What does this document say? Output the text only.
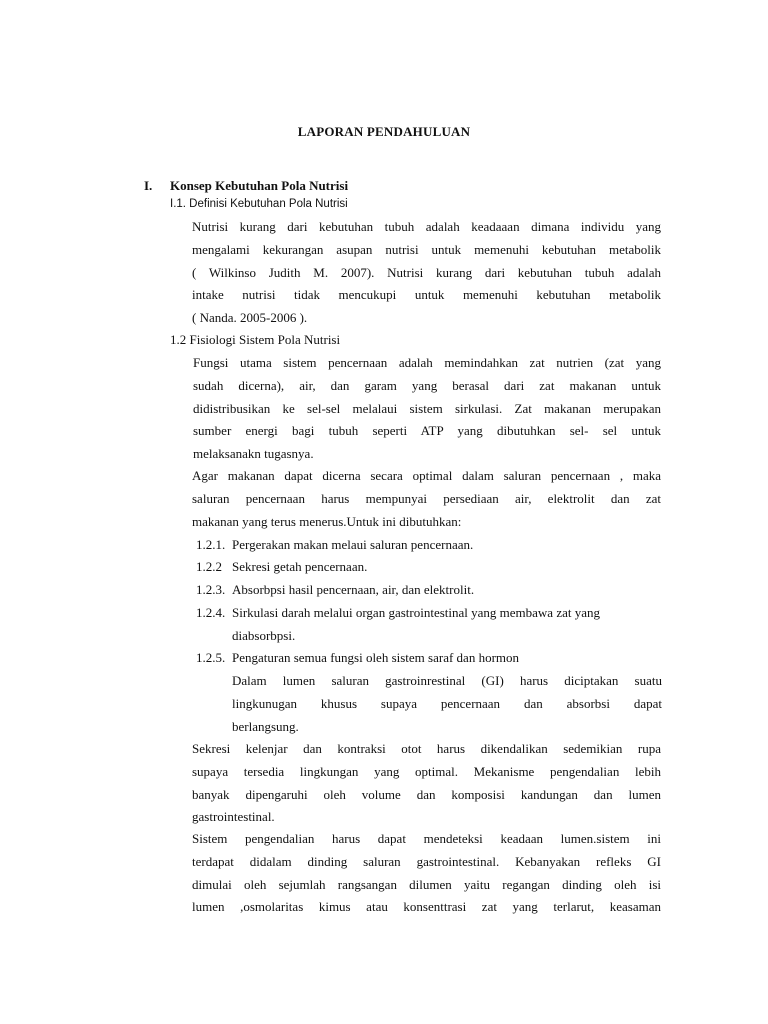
LAPORAN PENDAHULUAN
I. Konsep Kebutuhan Pola Nutrisi
I.1. Definisi Kebutuhan Pola Nutrisi
Nutrisi kurang dari kebutuhan tubuh adalah keadaaan dimana individu yang
mengalami kekurangan asupan nutrisi untuk memenuhi kebutuhan metabolik
( Wilkinso Judith M. 2007). Nutrisi kurang dari kebutuhan tubuh adalah
intake nutrisi tidak mencukupi untuk memenuhi kebutuhan metabolik
( Nanda. 2005-2006 ).
1.2 Fisiologi Sistem Pola Nutrisi
Fungsi utama sistem pencernaan adalah memindahkan zat nutrien (zat yang
sudah dicerna), air, dan garam yang berasal dari zat makanan untuk
didistribusikan ke sel-sel melalaui sistem sirkulasi. Zat makanan merupakan
sumber energi bagi tubuh seperti ATP yang dibutuhkan sel- sel untuk
melaksanakn tugasnya.
Agar makanan dapat dicerna secara optimal dalam saluran pencernaan , maka
saluran pencernaan harus mempunyai persediaan air, elektrolit dan zat
makanan yang terus menerus.Untuk ini dibutuhkan:
1.2.1. Pergerakan makan melaui saluran pencernaan.
1.2.2 Sekresi getah pencernaan.
1.2.3. Absorbpsi hasil pencernaan, air, dan elektrolit.
1.2.4. Sirkulasi darah melalui organ gastrointestinal yang membawa zat yang
diabsorbpsi.
1.2.5. Pengaturan semua fungsi oleh sistem saraf dan hormon
Dalam lumen saluran gastroinrestinal (GI) harus diciptakan suatu
lingkunugan khusus supaya pencernaan dan absorbsi dapat
berlangsung.
Sekresi kelenjar dan kontraksi otot harus dikendalikan sedemikian rupa
supaya tersedia lingkungan yang optimal. Mekanisme pengendalian lebih
banyak dipengaruhi oleh volume dan komposisi kandungan dan lumen
gastrointestinal.
Sistem pengendalian harus dapat mendeteksi keadaan lumen.sistem ini
terdapat didalam dinding saluran gastrointestinal. Kebanyakan refleks GI
dimulai oleh sejumlah rangsangan dilumen yaitu regangan dinding oleh isi
lumen ,osmolaritas kimus atau konsenttrasi zat yang terlarut, keasaman
